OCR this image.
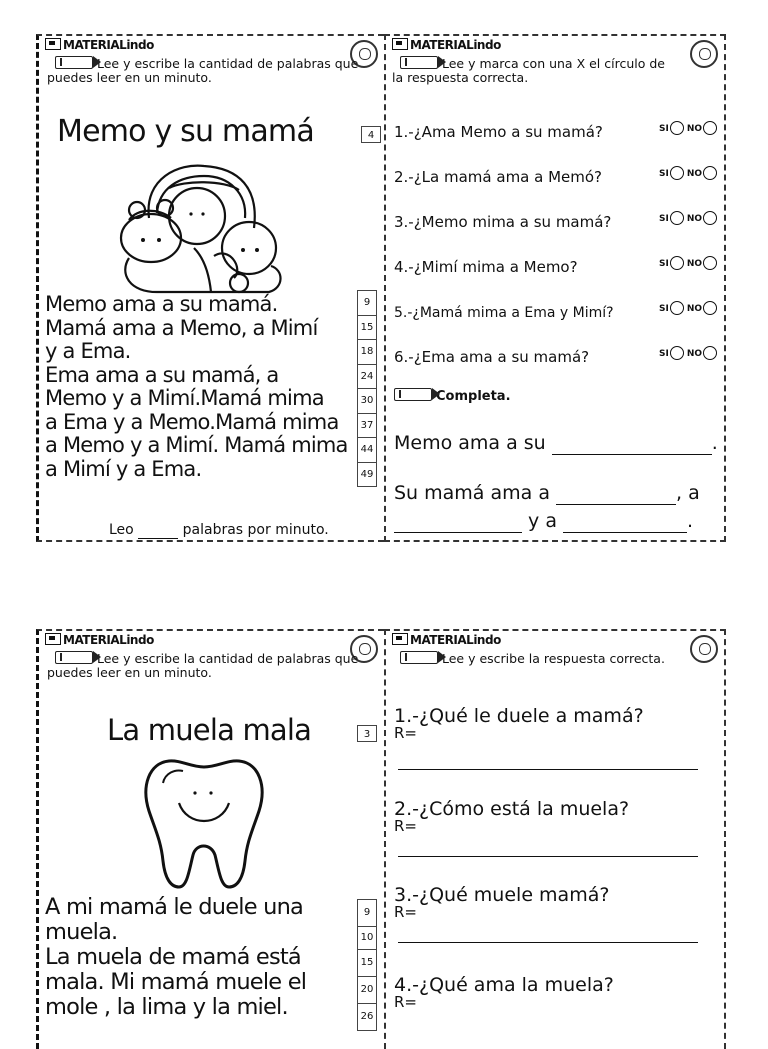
MATERIALindo
Lee y escribe la cantidad de palabras que puedes leer en un minuto.
Memo y su mamá	4
Memo ama a su mamá.
Mamá ama a Memo, a Mimí
y a Ema.
Ema ama a su mamá, a
Memo y a Mimí.Mamá mima
a Ema y a Memo.Mamá mima
a Memo y a Mimí. Mamá mima
a Mimí y a Ema.
9
15
18
24
30
37
44
49
Leo	palabras por minuto.
MATERIALindo
Lee y marca con una X el círculo de la respuesta correcta.
1.-¿Ama Memo a su mamá?	SI NO
2.-¿La mamá ama a Memó?	SI NO
3.-¿Memo mima a su mamá?	SI NO
4.-¿Mimí mima a Memo?	SI NO
5.-¿Mamá mima a Ema y Mimí?	SI NO
6.-¿Ema ama a su mamá?	SI NO
Completa.
Memo ama a su	.
Su mamá ama a	, a
y a	.
MATERIALindo
Lee y escribe la cantidad de palabras que puedes leer en un minuto.
La muela mala	3
A mi mamá le duele una
muela.
La muela de mamá está
mala. Mi mamá muele el
mole , la lima y la miel.
9
10
15
20
26
MATERIALindo
Lee y escribe la respuesta correcta.
1.-¿Qué le duele a mamá?
R=
2.-¿Cómo está la muela?
R=
3.-¿Qué muele mamá?
R=
4.-¿Qué ama la muela?
R=
